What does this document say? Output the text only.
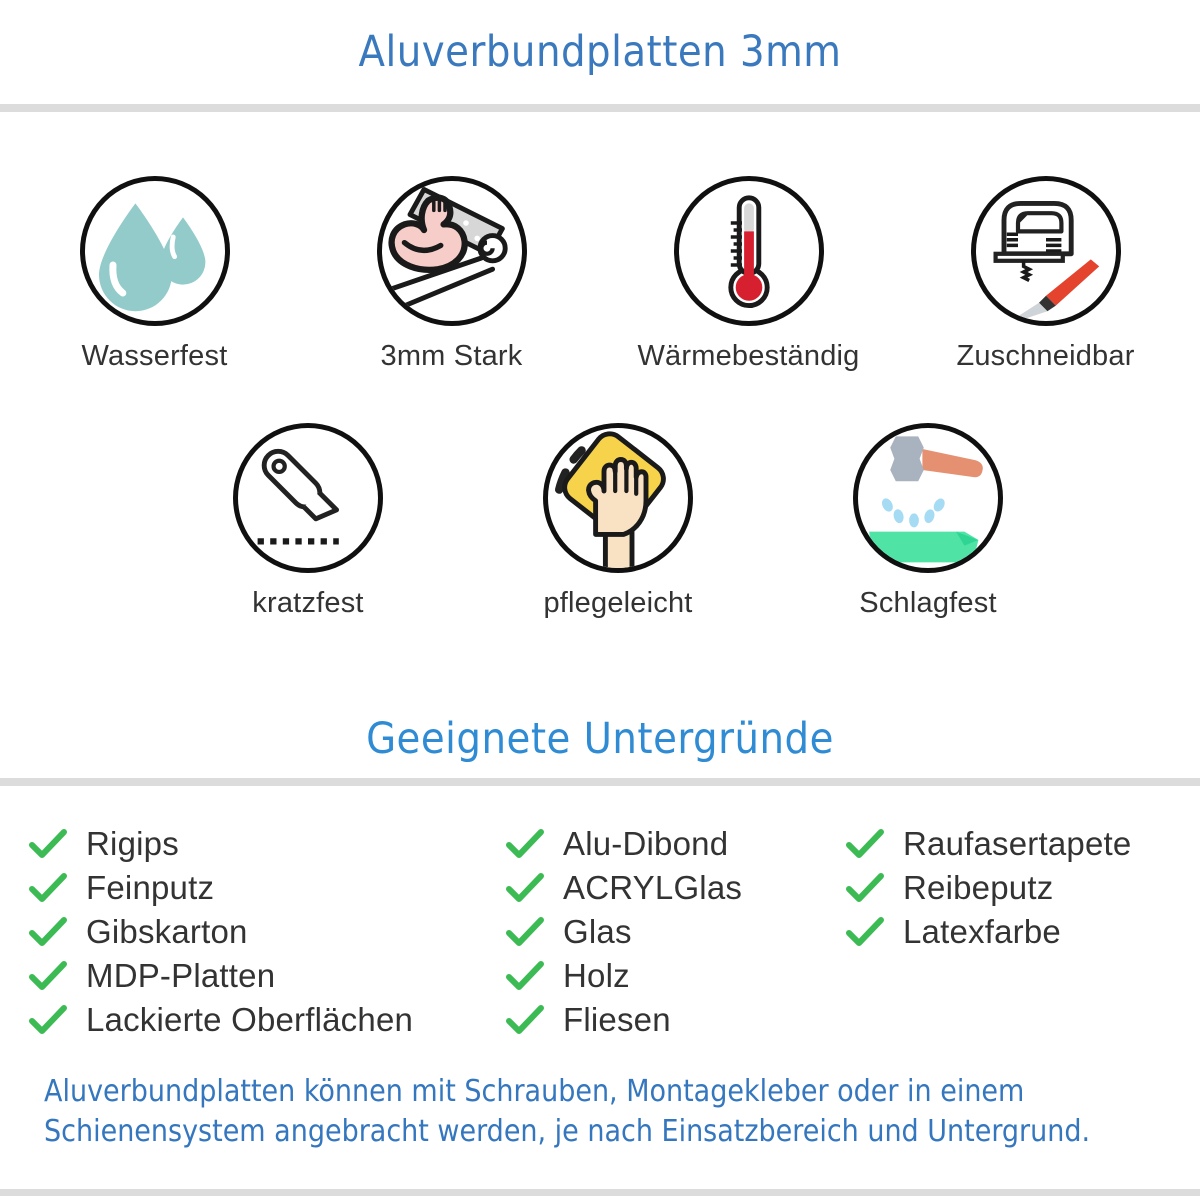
Aluverbundplatten 3mm
Wasserfest	3mm Stark	Wärmebeständig	Zuschneidbar
kratzfest	pflegeleicht	Schlagfest
Geeignete Untergründe
Rigips
Feinputz
Gibskarton
MDP-Platten
Lackierte Oberflächen
Alu-Dibond
ACRYLGlas
Glas
Holz
Fliesen
Raufasertapete
Reibeputz
Latexfarbe
Aluverbundplatten können mit Schrauben, Montagekleber oder in einem
Schienensystem angebracht werden, je nach Einsatzbereich und Untergrund.
